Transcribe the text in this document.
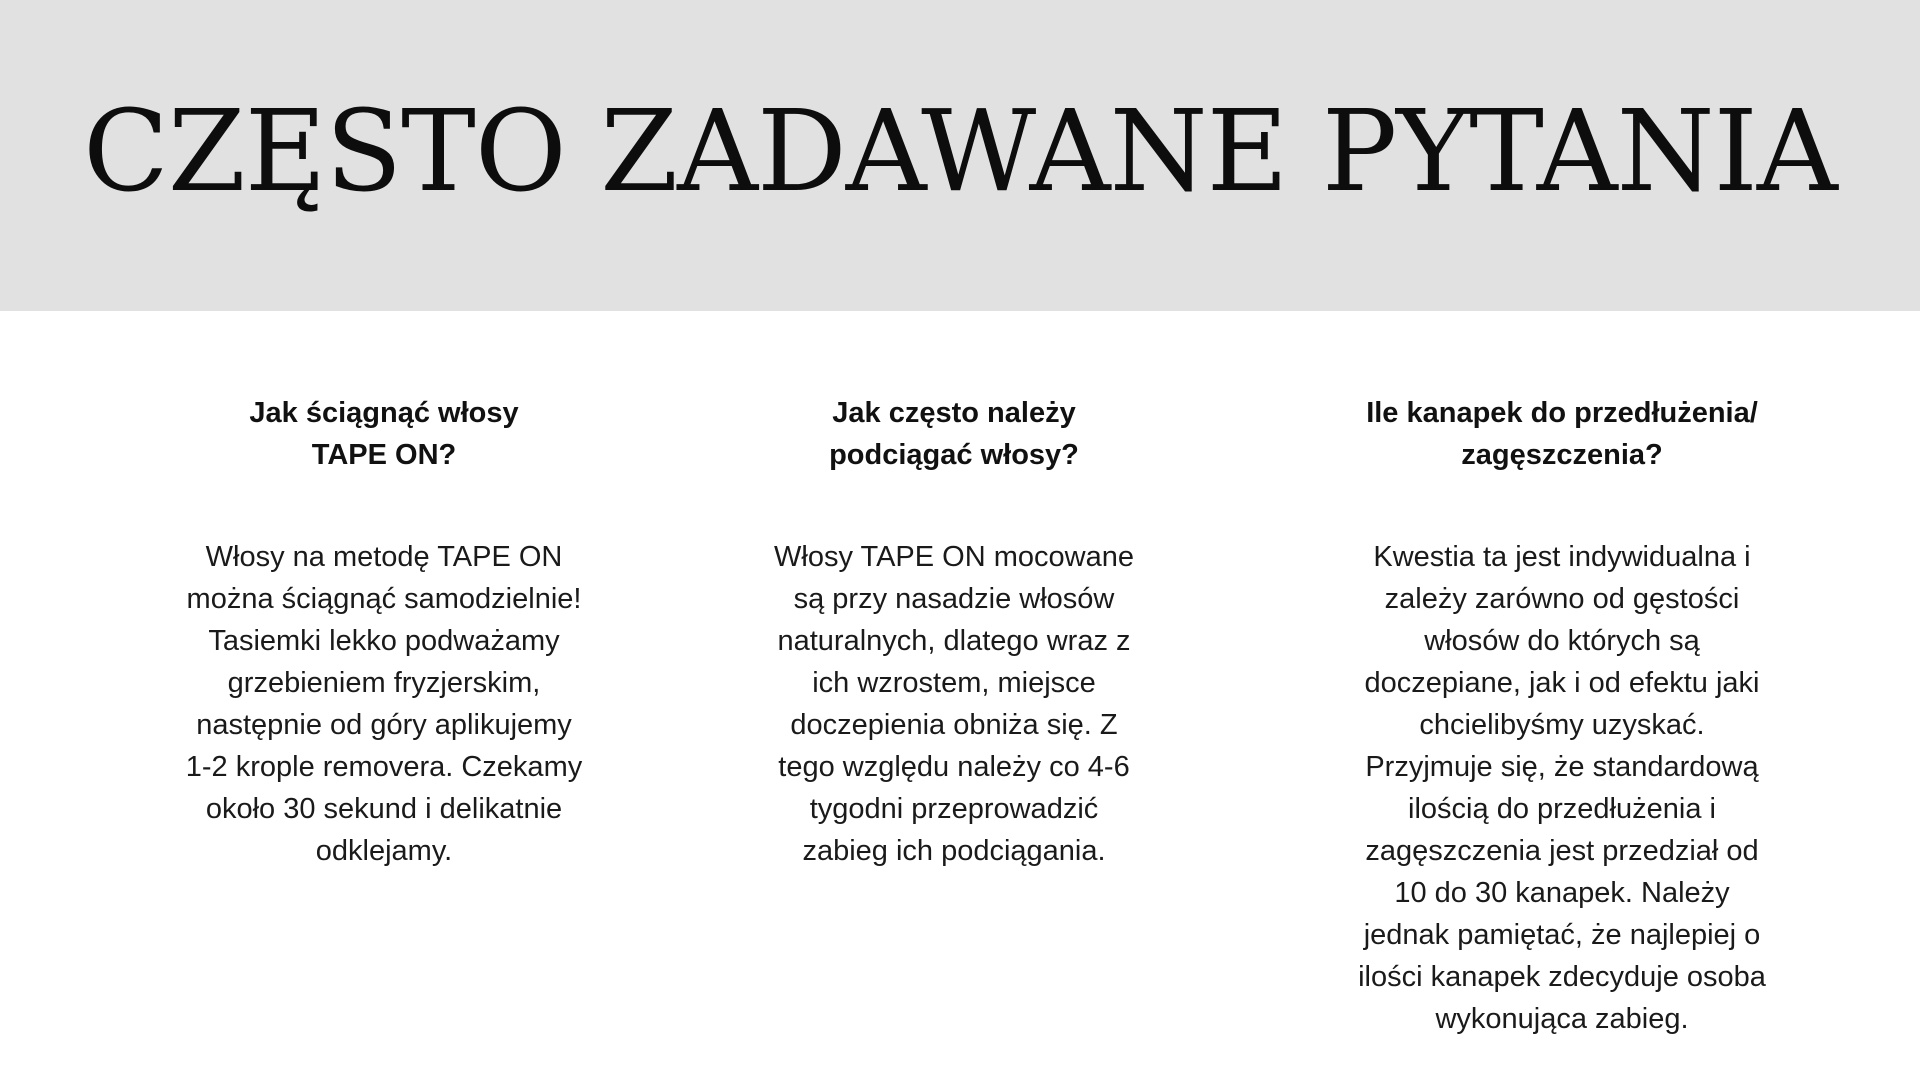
CZĘSTO ZADAWANE PYTANIA
Jak ściągnąć włosy
TAPE ON?

Włosy na metodę TAPE ON
można ściągnąć samodzielnie!
Tasiemki lekko podważamy
grzebieniem fryzjerskim,
następnie od góry aplikujemy
1-2 krople removera. Czekamy
około 30 sekund i delikatnie
odklejamy.

Jak często należy
podciągać włosy?

Włosy TAPE ON mocowane
są przy nasadzie włosów
naturalnych, dlatego wraz z
ich wzrostem, miejsce
doczepienia obniża się. Z
tego względu należy co 4-6
tygodni przeprowadzić
zabieg ich podciągania.

Ile kanapek do przedłużenia/
zagęszczenia?

Kwestia ta jest indywidualna i
zależy zarówno od gęstości
włosów do których są
doczepiane, jak i od efektu jaki
chcielibyśmy uzyskać.
Przyjmuje się, że standardową
ilością do przedłużenia i
zagęszczenia jest przedział od
10 do 30 kanapek. Należy
jednak pamiętać, że najlepiej o
ilości kanapek zdecyduje osoba
wykonująca zabieg.
